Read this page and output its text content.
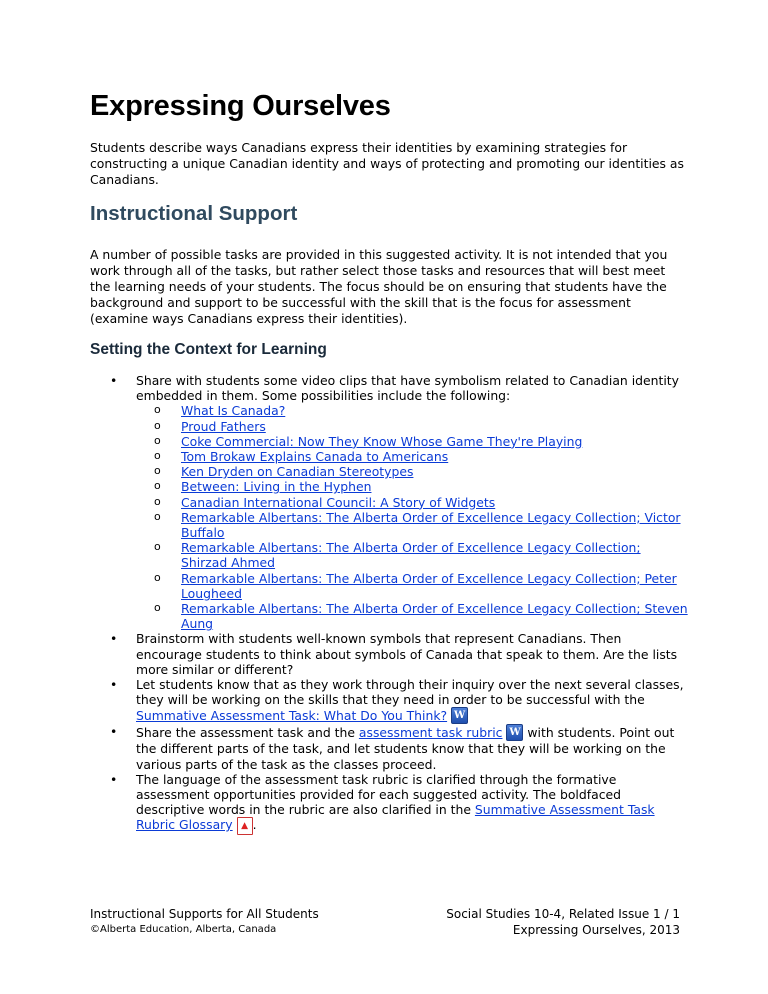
Expressing Ourselves

Students describe ways Canadians express their identities by examining strategies for constructing a unique Canadian identity and ways of protecting and promoting our identities as Canadians.

Instructional Support

A number of possible tasks are provided in this suggested activity. It is not intended that you work through all of the tasks, but rather select those tasks and resources that will best meet the learning needs of your students. The focus should be on ensuring that students have the background and support to be successful with the skill that is the focus for assessment (examine ways Canadians express their identities).

Setting the Context for Learning
• Share with students some video clips that have symbolism related to Canadian identity embedded in them. Some possibilities include the following:
o What Is Canada?
o Proud Fathers
o Coke Commercial: Now They Know Whose Game They're Playing
o Tom Brokaw Explains Canada to Americans
o Ken Dryden on Canadian Stereotypes
o Between: Living in the Hyphen
o Canadian International Council: A Story of Widgets
o Remarkable Albertans: The Alberta Order of Excellence Legacy Collection; Victor Buffalo
o Remarkable Albertans: The Alberta Order of Excellence Legacy Collection; Shirzad Ahmed
o Remarkable Albertans: The Alberta Order of Excellence Legacy Collection; Peter Lougheed
o Remarkable Albertans: The Alberta Order of Excellence Legacy Collection; Steven Aung
• Brainstorm with students well-known symbols that represent Canadians. Then encourage students to think about symbols of Canada that speak to them. Are the lists more similar or different?
• Let students know that as they work through their inquiry over the next several classes, they will be working on the skills that they need in order to be successful with the Summative Assessment Task: What Do You Think? W
• Share the assessment task and the assessment task rubric W with students. Point out the different parts of the task, and let students know that they will be working on the various parts of the task as the classes proceed.
• The language of the assessment task rubric is clarified through the formative assessment opportunities provided for each suggested activity. The boldfaced descriptive words in the rubric are also clarified in the Summative Assessment Task Rubric Glossary ▲ .
Instructional Supports for All Students
©Alberta Education, Alberta, Canada
Social Studies 10-4, Related Issue 1 / 1
Expressing Ourselves, 2013
